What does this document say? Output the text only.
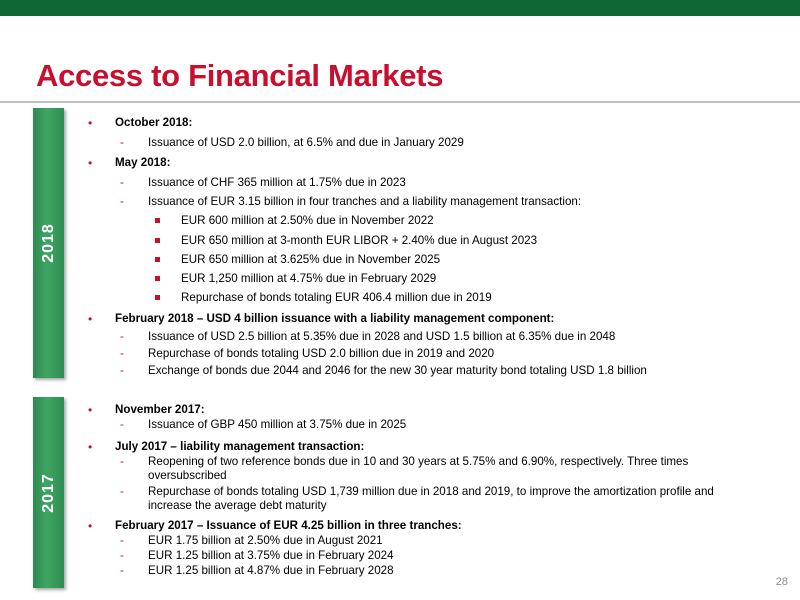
Access to Financial Markets
2018
• October 2018:
- Issuance of USD 2.0 billion, at 6.5% and due in January 2029
• May 2018:
- Issuance of CHF 365 million at 1.75% due in 2023
- Issuance of EUR 3.15 billion in four tranches and a liability management transaction:
EUR 600 million at 2.50% due in November 2022
EUR 650 million at 3-month EUR LIBOR + 2.40% due in August 2023
EUR 650 million at 3.625% due in November 2025
EUR 1,250 million at 4.75% due in February 2029
Repurchase of bonds totaling EUR 406.4 million due in 2019
• February 2018 – USD 4 billion issuance with a liability management component:
- Issuance of USD 2.5 billion at 5.35% due in 2028 and USD 1.5 billion at 6.35% due in 2048
- Repurchase of bonds totaling USD 2.0 billion due in 2019 and 2020
- Exchange of bonds due 2044 and 2046 for the new 30 year maturity bond totaling USD 1.8 billion
2017
• November 2017:
- Issuance of GBP 450 million at 3.75% due in 2025
• July 2017 – liability management transaction:
- Reopening of two reference bonds due in 10 and 30 years at 5.75% and 6.90%, respectively. Three times oversubscribed
- Repurchase of bonds totaling USD 1,739 million due in 2018 and 2019, to improve the amortization profile and increase the average debt maturity
• February 2017 – Issuance of EUR 4.25 billion in three tranches:
- EUR 1.75 billion at 2.50% due in August 2021
- EUR 1.25 billion at 3.75% due in February 2024
- EUR 1.25 billion at 4.87% due in February 2028
28
